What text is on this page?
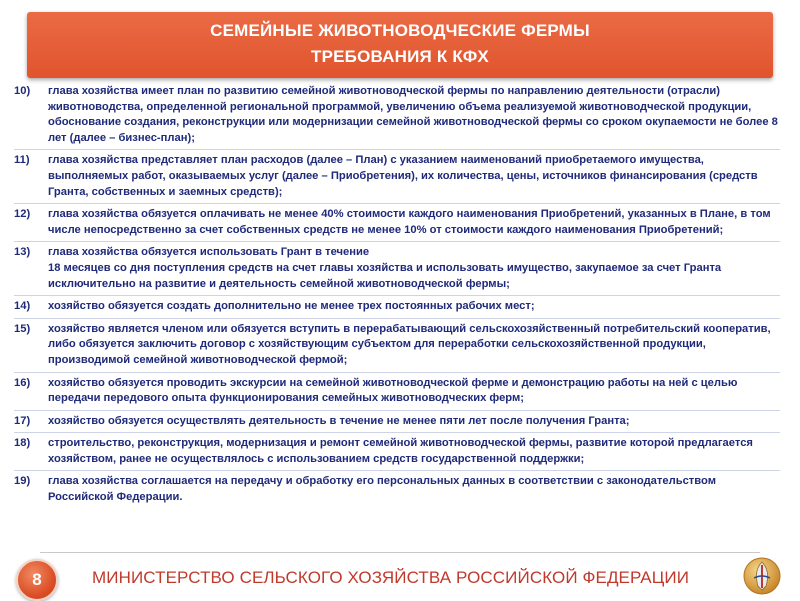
СЕМЕЙНЫЕ ЖИВОТНОВОДЧЕСКИЕ ФЕРМЫ
ТРЕБОВАНИЯ К КФХ
10)	глава хозяйства имеет план по развитию семейной животноводческой фермы по направлению деятельности (отрасли) животноводства, определенной региональной программой, увеличению объема реализуемой животноводческой продукции, обоснование создания, реконструкции или модернизации семейной животноводческой фермы со сроком окупаемости не более 8 лет (далее – бизнес-план);
11)	глава хозяйства представляет план расходов (далее – План) с указанием наименований приобретаемого имущества, выполняемых работ, оказываемых услуг (далее – Приобретения), их количества, цены, источников финансирования (средств Гранта, собственных и заемных средств);
12)	глава хозяйства обязуется оплачивать не менее 40% стоимости каждого наименования Приобретений, указанных в Плане, в том числе непосредственно за счет собственных средств не менее 10% от стоимости каждого наименования Приобретений;
13)	глава хозяйства обязуется использовать Грант в течение
18 месяцев со дня поступления средств на счет главы хозяйства и использовать имущество, закупаемое за счет Гранта исключительно на развитие и деятельность семейной животноводческой фермы;
14)	хозяйство обязуется создать дополнительно не менее трех постоянных рабочих мест;
15)	хозяйство является членом или обязуется вступить в перерабатывающий сельскохозяйственный потребительский кооператив, либо обязуется заключить договор с хозяйствующим субъектом для переработки сельскохозяйственной продукции, производимой семейной животноводческой фермой;
16)	хозяйство обязуется проводить экскурсии на семейной животноводческой ферме и демонстрацию работы на ней с целью передачи передового опыта функционирования семейных животноводческих ферм;
17)	хозяйство обязуется осуществлять деятельность в течение не менее пяти лет после получения Гранта;
18)	строительство, реконструкция, модернизация и ремонт семейной животноводческой фермы, развитие которой предлагается хозяйством, ранее не осуществлялось с использованием средств государственной поддержки;
19)	глава хозяйства соглашается на передачу и обработку его персональных данных в соответствии с законодательством Российской Федерации.
8	МИНИСТЕРСТВО СЕЛЬСКОГО ХОЗЯЙСТВА РОССИЙСКОЙ ФЕДЕРАЦИИ
